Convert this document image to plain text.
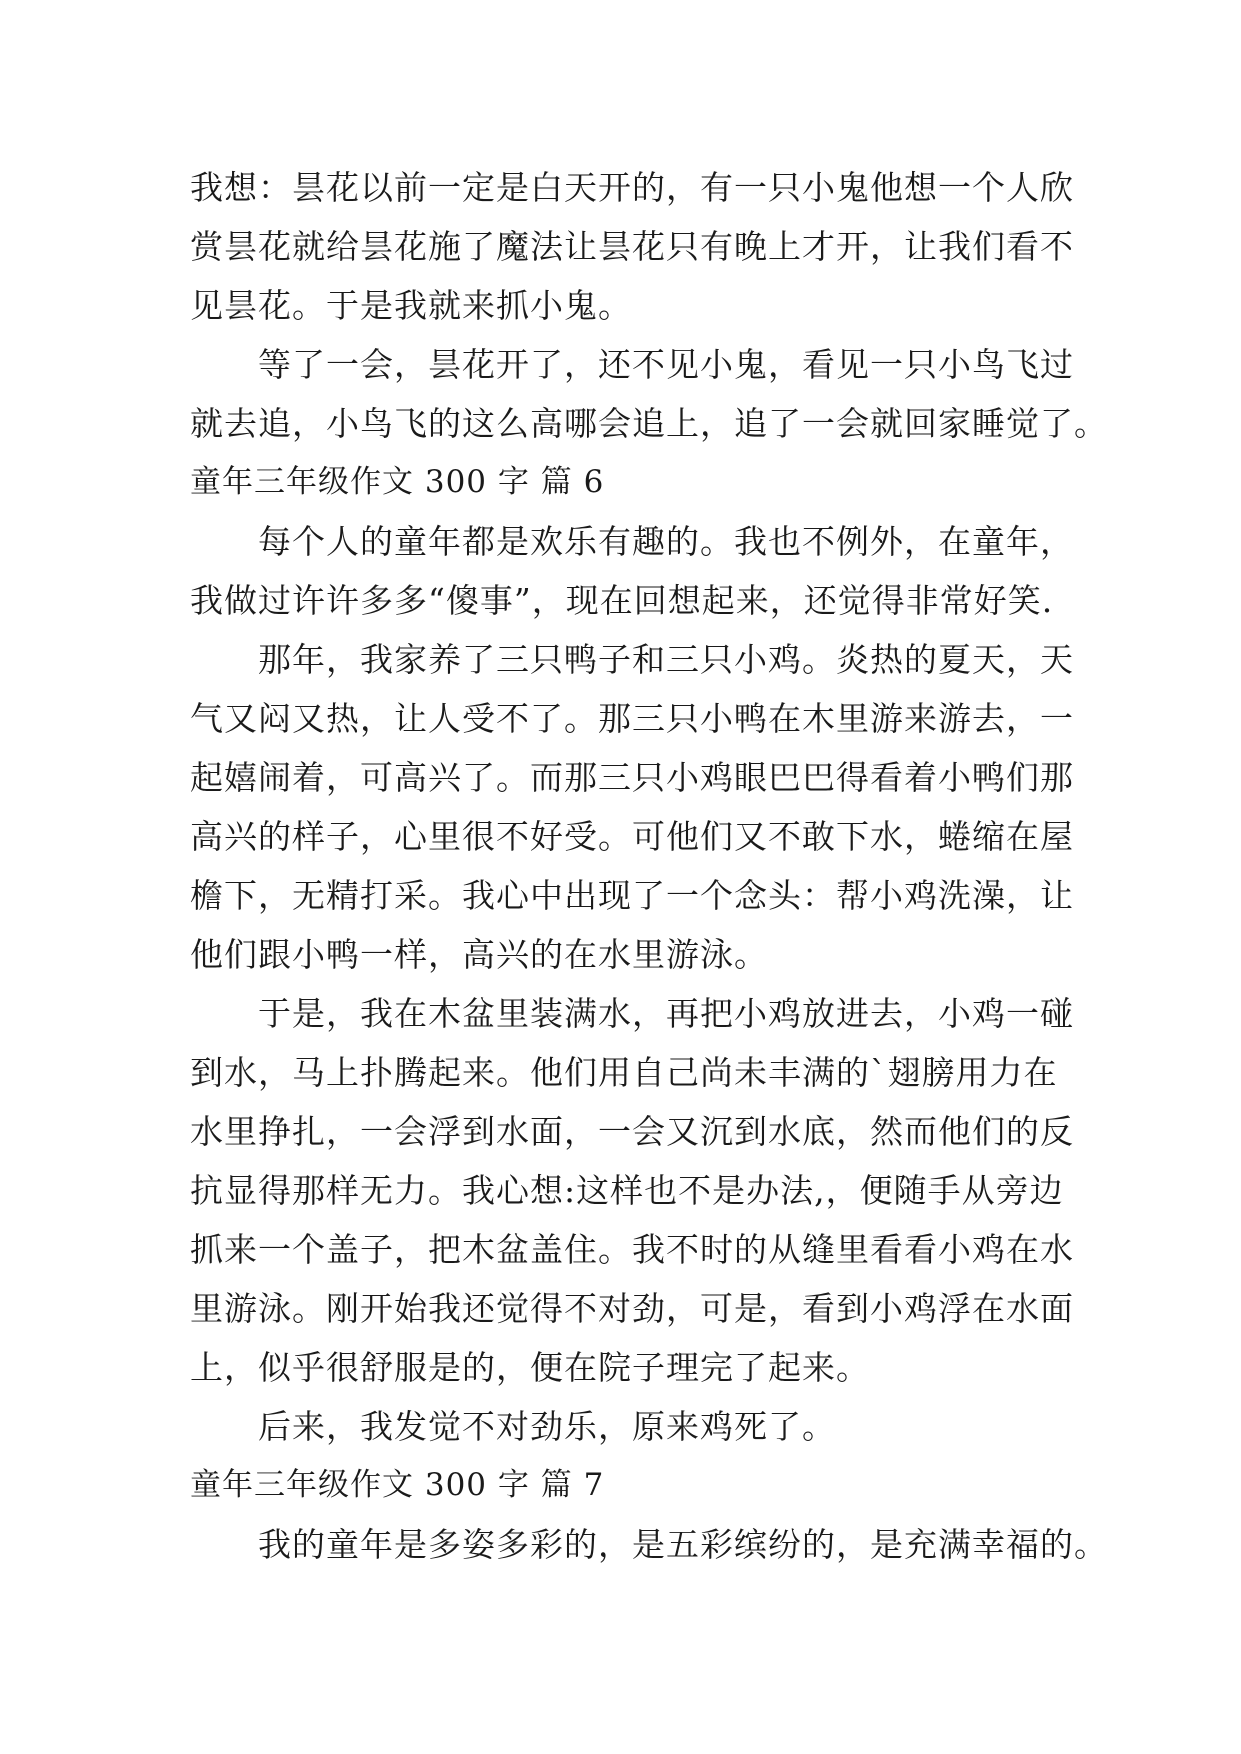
我想：昙花以前一定是白天开的，有一只小鬼他想一个人欣
赏昙花就给昙花施了魔法让昙花只有晚上才开，让我们看不
见昙花。于是我就来抓小鬼。
等了一会，昙花开了，还不见小鬼，看见一只小鸟飞过
就去追，小鸟飞的这么高哪会追上，追了一会就回家睡觉了。
童年三年级作文 300 字 篇 6
每个人的童年都是欢乐有趣的。我也不例外，在童年，
我做过许许多多“傻事”，现在回想起来，还觉得非常好笑.
那年，我家养了三只鸭子和三只小鸡。炎热的夏天，天
气又闷又热，让人受不了。那三只小鸭在木里游来游去，一
起嬉闹着，可高兴了。而那三只小鸡眼巴巴得看着小鸭们那
高兴的样子，心里很不好受。可他们又不敢下水，蜷缩在屋
檐下，无精打采。我心中出现了一个念头：帮小鸡洗澡，让
他们跟小鸭一样，高兴的在水里游泳。
于是，我在木盆里装满水，再把小鸡放进去，小鸡一碰
到水，马上扑腾起来。他们用自己尚未丰满的`翅膀用力在
水里挣扎，一会浮到水面，一会又沉到水底，然而他们的反
抗显得那样无力。我心想:这样也不是办法,，便随手从旁边
抓来一个盖子，把木盆盖住。我不时的从缝里看看小鸡在水
里游泳。刚开始我还觉得不对劲，可是，看到小鸡浮在水面
上，似乎很舒服是的，便在院子理完了起来。
后来，我发觉不对劲乐，原来鸡死了。
童年三年级作文 300 字 篇 7
我的童年是多姿多彩的，是五彩缤纷的，是充满幸福的。
